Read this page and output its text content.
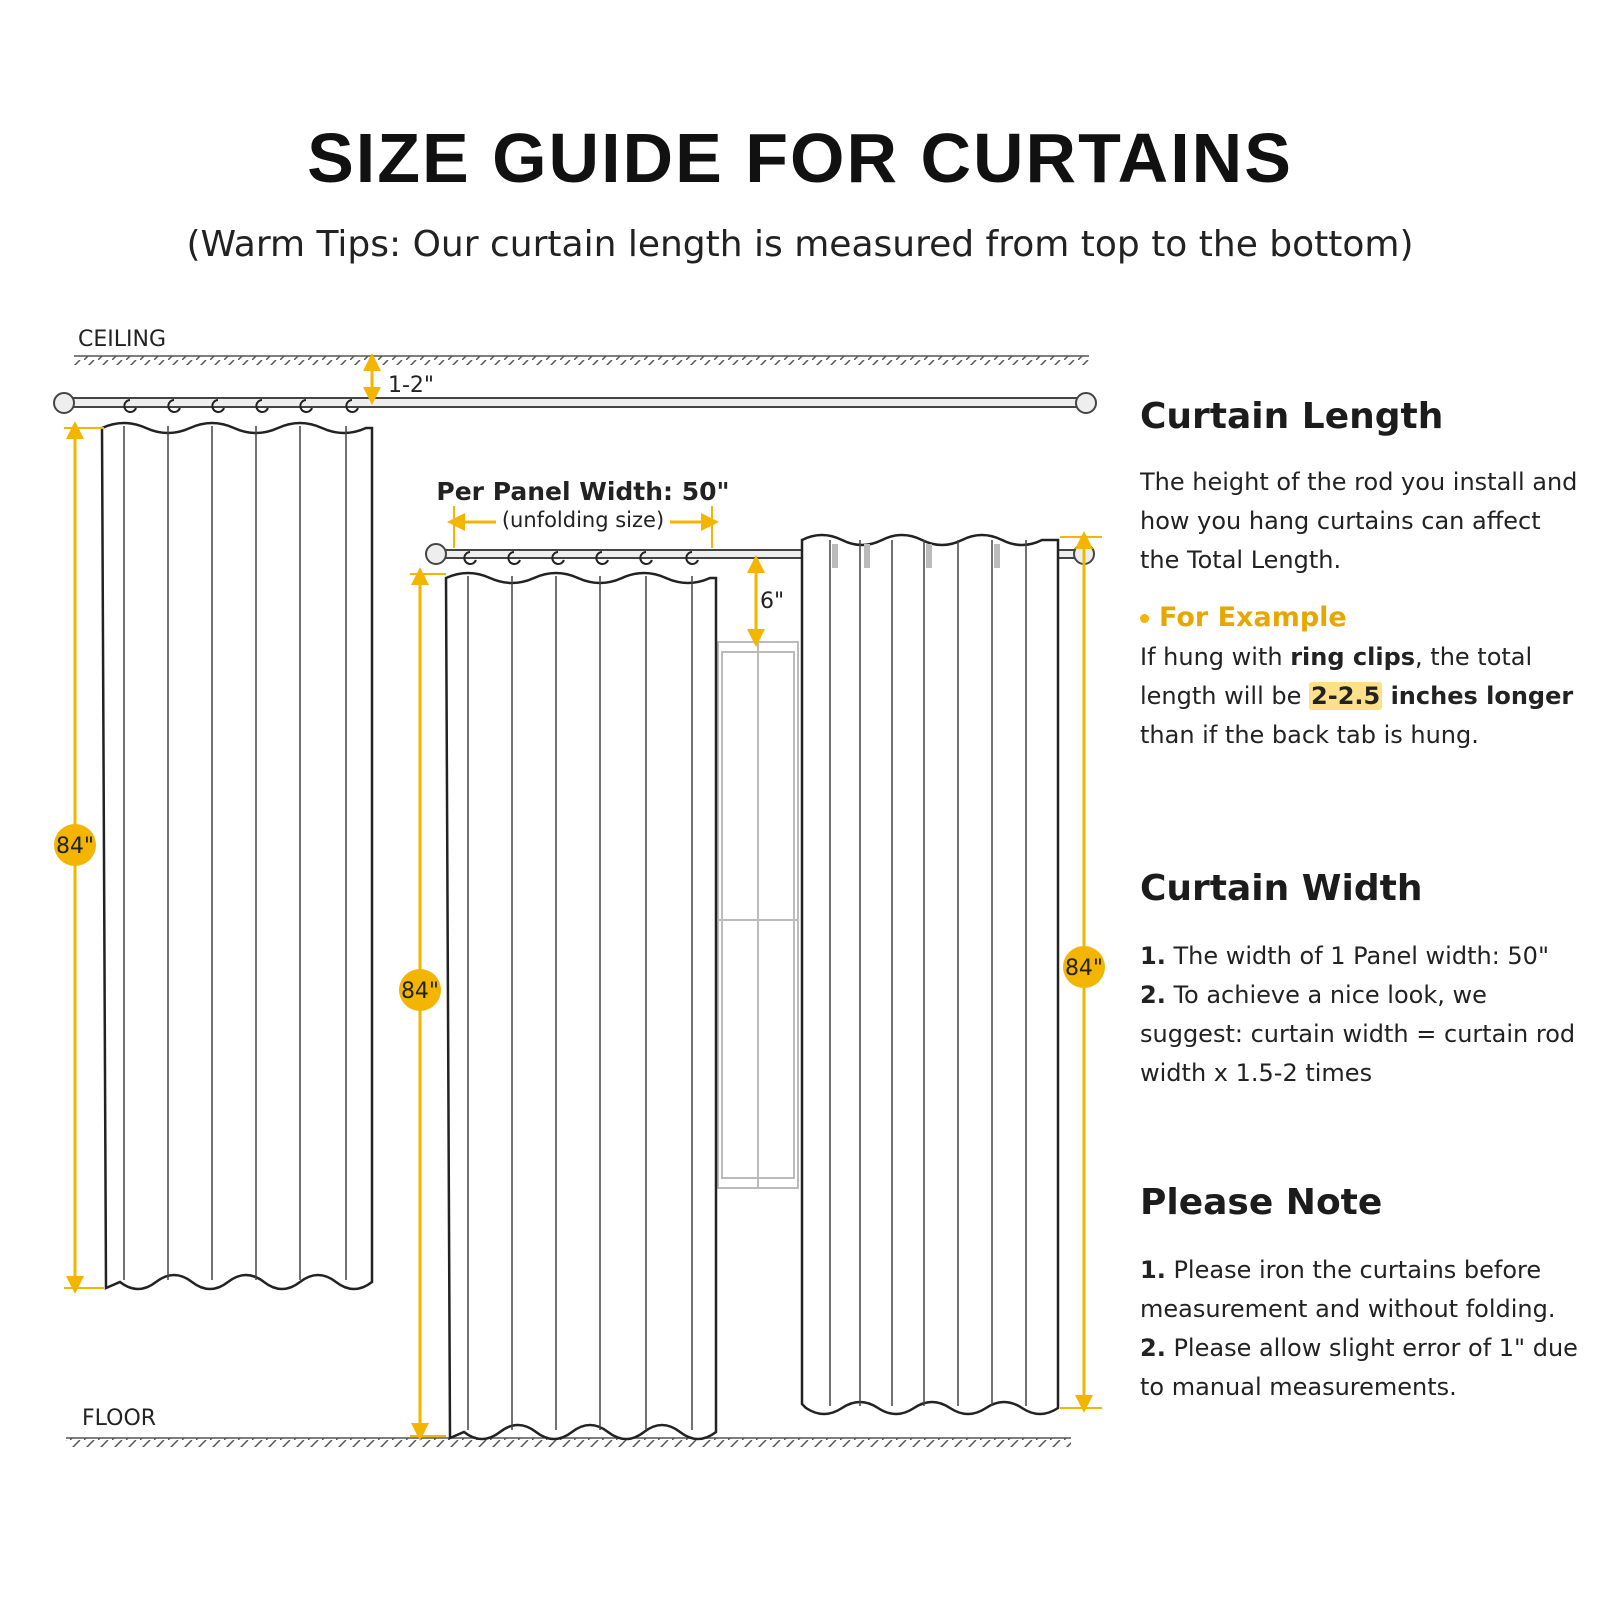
SIZE GUIDE FOR CURTAINS
(Warm Tips: Our curtain length is measured from top to the bottom)
CEILING
FLOOR
1-2"
84"
Per Panel Width: 50"
(unfolding size)
6"
84"
84"
Curtain Length

The height of the rod you install and how you hang curtains can affect the Total Length.

For Example

If hung with ring clips, the total length will be 2-2.5 inches longer than if the back tab is hung.

Curtain Width

1. The width of 1 Panel width: 50"

2. To achieve a nice look, we suggest: curtain width = curtain rod width x 1.5-2 times

Please Note

1. Please iron the curtains before measurement and without folding.

2. Please allow slight error of 1" due to manual measurements.
